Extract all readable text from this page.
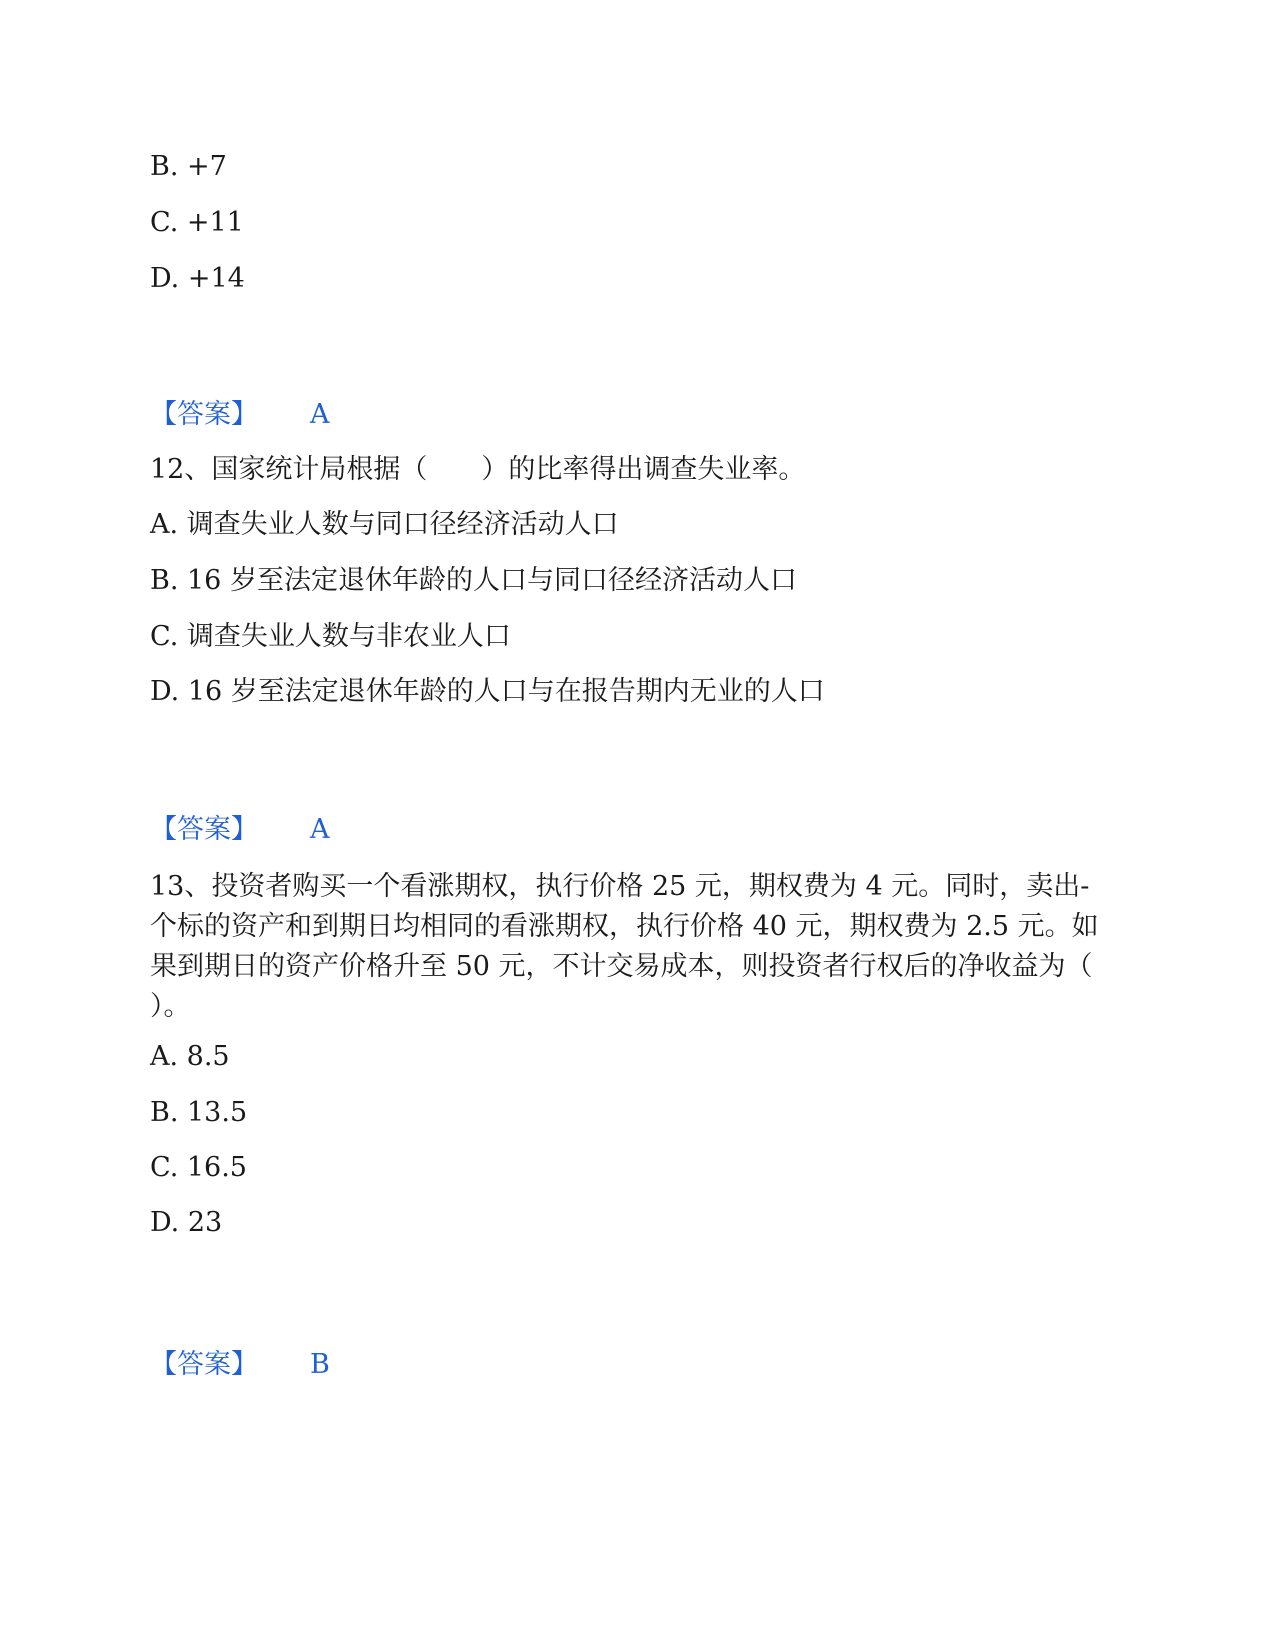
B. +7
C. +11
D. +14
【答案】 A
12、国家统计局根据（　　）的比率得出调查失业率。
A. 调查失业人数与同口径经济活动人口
B. 16 岁至法定退休年龄的人口与同口径经济活动人口
C. 调查失业人数与非农业人口
D. 16 岁至法定退休年龄的人口与在报告期内无业的人口
【答案】 A
13、投资者购买一个看涨期权，执行价格 25 元，期权费为 4 元。同时，卖出-个标的资产和到期日均相同的看涨期权，执行价格 40 元，期权费为 2.5 元。如果到期日的资产价格升至 50 元，不计交易成本，则投资者行权后的净收益为（ ）。
A. 8.5
B. 13.5
C. 16.5
D. 23
【答案】 B
